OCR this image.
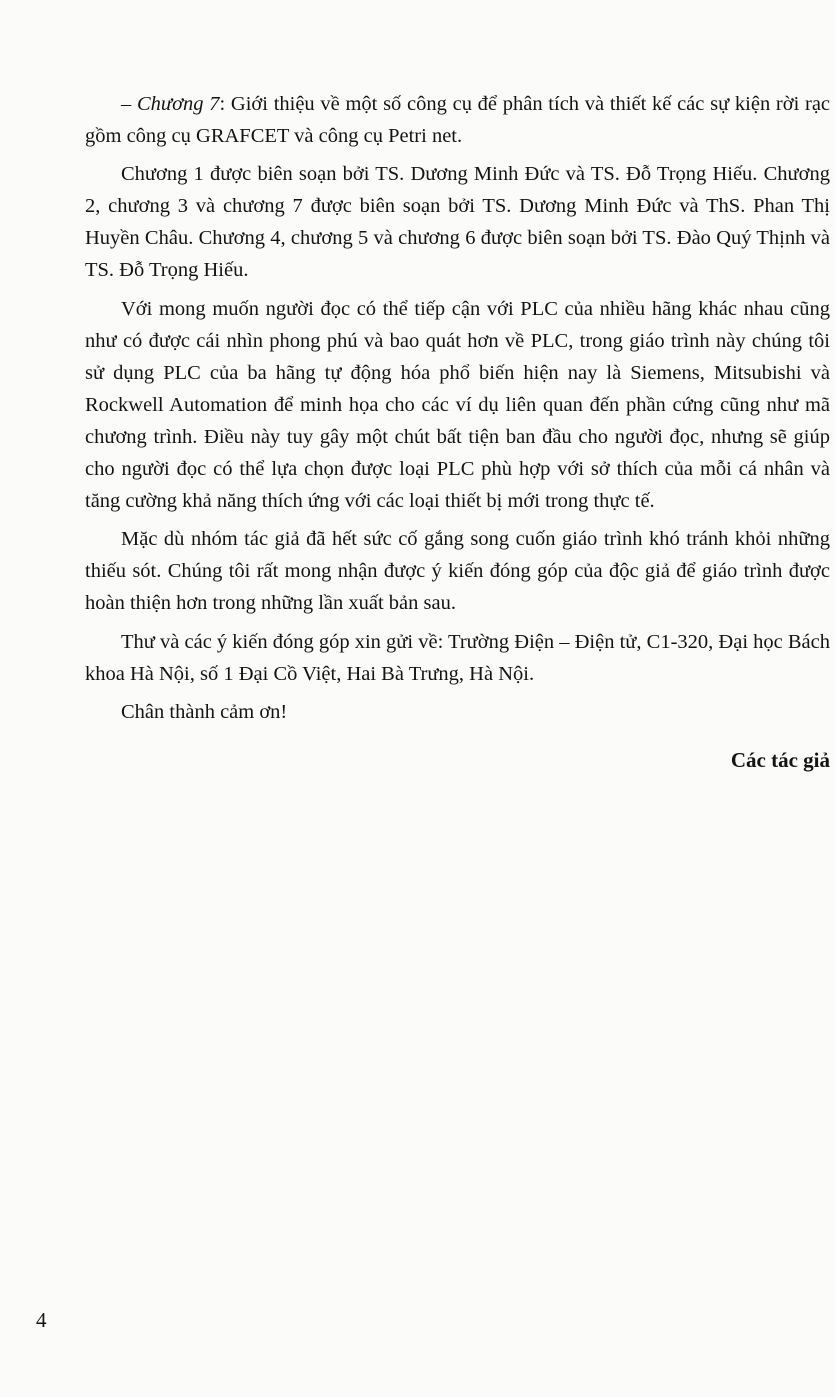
– Chương 7: Giới thiệu về một số công cụ để phân tích và thiết kế các sự kiện rời rạc gồm công cụ GRAFCET và công cụ Petri net.

Chương 1 được biên soạn bởi TS. Dương Minh Đức và TS. Đỗ Trọng Hiếu. Chương 2, chương 3 và chương 7 được biên soạn bởi TS. Dương Minh Đức và ThS. Phan Thị Huyền Châu. Chương 4, chương 5 và chương 6 được biên soạn bởi TS. Đào Quý Thịnh và TS. Đỗ Trọng Hiếu.

Với mong muốn người đọc có thể tiếp cận với PLC của nhiều hãng khác nhau cũng như có được cái nhìn phong phú và bao quát hơn về PLC, trong giáo trình này chúng tôi sử dụng PLC của ba hãng tự động hóa phổ biến hiện nay là Siemens, Mitsubishi và Rockwell Automation để minh họa cho các ví dụ liên quan đến phần cứng cũng như mã chương trình. Điều này tuy gây một chút bất tiện ban đầu cho người đọc, nhưng sẽ giúp cho người đọc có thể lựa chọn được loại PLC phù hợp với sở thích của mỗi cá nhân và tăng cường khả năng thích ứng với các loại thiết bị mới trong thực tế.

Mặc dù nhóm tác giả đã hết sức cố gắng song cuốn giáo trình khó tránh khỏi những thiếu sót. Chúng tôi rất mong nhận được ý kiến đóng góp của độc giả để giáo trình được hoàn thiện hơn trong những lần xuất bản sau.

Thư và các ý kiến đóng góp xin gửi về: Trường Điện – Điện tử, C1-320, Đại học Bách khoa Hà Nội, số 1 Đại Cồ Việt, Hai Bà Trưng, Hà Nội.

Chân thành cảm ơn!

Các tác giả

4
